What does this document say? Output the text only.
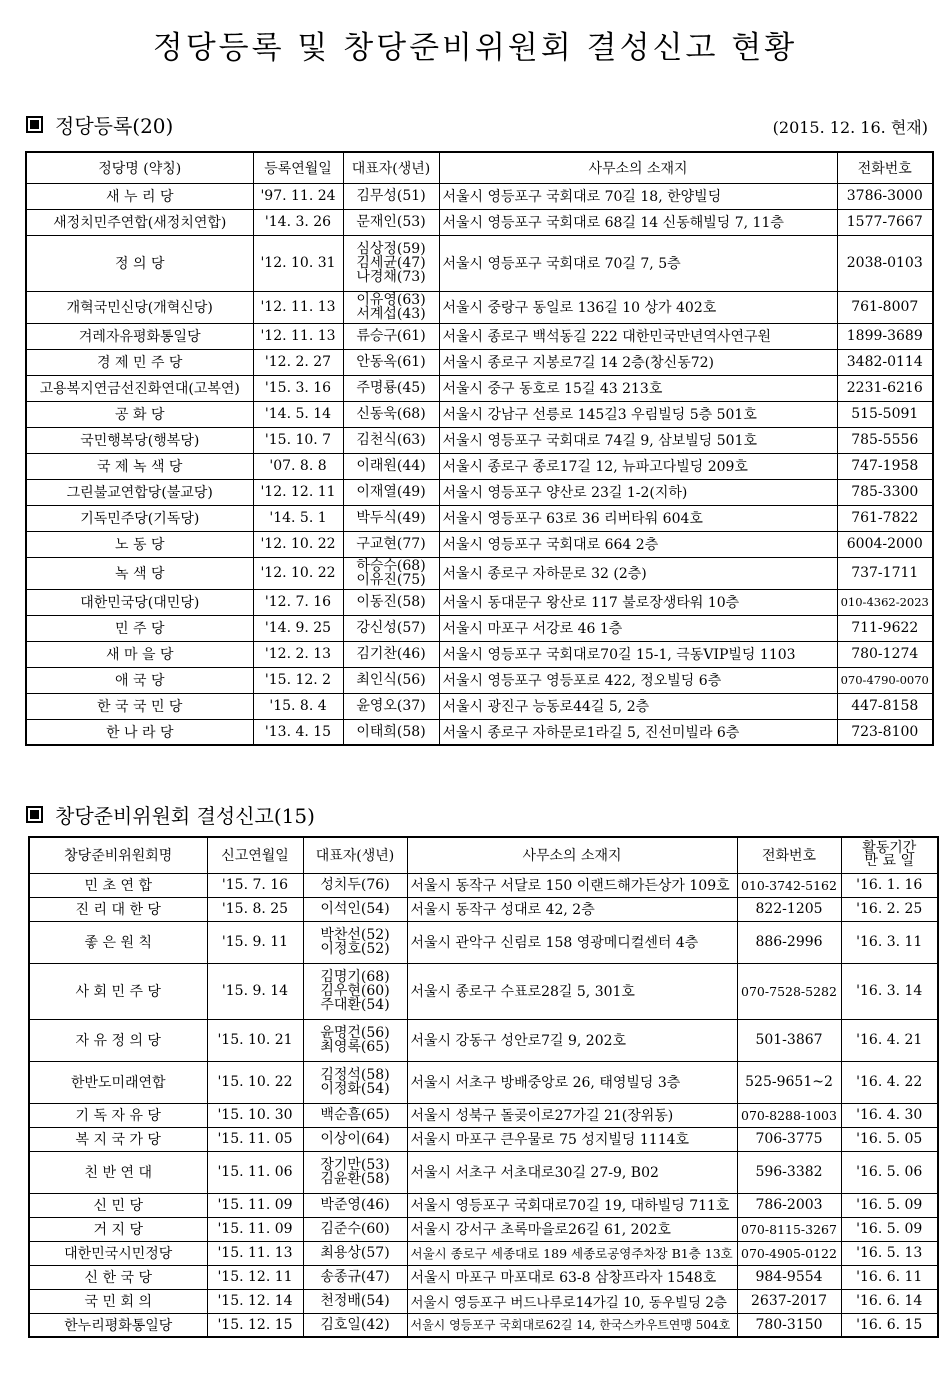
정당등록 및 창당준비위원회 결성신고 현황
정당등록(20)	(2015. 12. 16. 현재)
정당명 (약칭)	등록연월일	대표자(생년)	사무소의 소재지	전화번호
새 누 리 당	'97. 11. 24	김무성(51)	서울시 영등포구 국회대로 70길 18, 한양빌딩	3786-3000
새정치민주연합(새정치연합)	'14. 3. 26	문재인(53)	서울시 영등포구 국회대로 68길 14 신동해빌딩 7, 11층	1577-7667
정 의 당	'12. 10. 31	심상정(59)
김세균(47)
나경채(73)	서울시 영등포구 국회대로 70길 7, 5층	2038-0103
개혁국민신당(개혁신당)	'12. 11. 13	이유영(63)
서계섭(43)	서울시 중랑구 동일로 136길 10 상가 402호	761-8007
겨레자유평화통일당	'12. 11. 13	류승구(61)	서울시 종로구 백석동길 222 대한민국만년역사연구원	1899-3689
경 제 민 주 당	'12. 2. 27	안동옥(61)	서울시 종로구 지봉로7길 14 2층(창신동72)	3482-0114
고용복지연금선진화연대(고복연)	'15. 3. 16	주명룡(45)	서울시 중구 동호로 15길 43 213호	2231-6216
공 화 당	'14. 5. 14	신동욱(68)	서울시 강남구 선릉로 145길3 우림빌딩 5층 501호	515-5091
국민행복당(행복당)	'15. 10. 7	김천식(63)	서울시 영등포구 국회대로 74길 9, 삼보빌딩 501호	785-5556
국 제 녹 색 당	'07. 8. 8	이래원(44)	서울시 종로구 종로17길 12, 뉴파고다빌딩 209호	747-1958
그린불교연합당(불교당)	'12. 12. 11	이재열(49)	서울시 영등포구 양산로 23길 1-2(지하)	785-3300
기독민주당(기독당)	'14. 5. 1	박두식(49)	서울시 영등포구 63로 36 리버타워 604호	761-7822
노 동 당	'12. 10. 22	구교현(77)	서울시 영등포구 국회대로 664 2층	6004-2000
녹 색 당	'12. 10. 22	하승수(68)
이유진(75)	서울시 종로구 자하문로 32 (2층)	737-1711
대한민국당(대민당)	'12. 7. 16	이동진(58)	서울시 동대문구 왕산로 117 불로장생타워 10층	010-4362-2023
민 주 당	'14. 9. 25	강신성(57)	서울시 마포구 서강로 46 1층	711-9622
새 마 을 당	'12. 2. 13	김기찬(46)	서울시 영등포구 국회대로70길 15-1, 극동VIP빌딩 1103	780-1274
애 국 당	'15. 12. 2	최인식(56)	서울시 영등포구 영등포로 422, 정오빌딩 6층	070-4790-0070
한 국 국 민 당	'15. 8. 4	윤영오(37)	서울시 광진구 능동로44길 5, 2층	447-8158
한 나 라 당	'13. 4. 15	이태희(58)	서울시 종로구 자하문로1라길 5, 진선미빌라 6층	723-8100
창당준비위원회 결성신고(15)
창당준비위원회명	신고연월일	대표자(생년)	사무소의 소재지	전화번호	활동기간
만 료 일
민 초 연 합	'15. 7. 16	성치두(76)	서울시 동작구 서달로 150 이랜드해가든상가 109호	010-3742-5162	'16. 1. 16
진 리 대 한 당	'15. 8. 25	이석인(54)	서울시 동작구 성대로 42, 2층	822-1205	'16. 2. 25
좋 은 원 칙	'15. 9. 11	박찬선(52)
이정호(52)	서울시 관악구 신림로 158 영광메디컬센터 4층	886-2996	'16. 3. 11
사 회 민 주 당	'15. 9. 14	김명기(68)
김우현(60)
주대환(54)	서울시 종로구 수표로28길 5, 301호	070-7528-5282	'16. 3. 14
자 유 정 의 당	'15. 10. 21	윤명건(56)
최영록(65)	서울시 강동구 성안로7길 9, 202호	501-3867	'16. 4. 21
한반도미래연합	'15. 10. 22	김정석(58)
이정화(54)	서울시 서초구 방배중앙로 26, 태영빌딩 3층	525-9651~2	'16. 4. 22
기 독 자 유 당	'15. 10. 30	백순흠(65)	서울시 성북구 돌곶이로27가길 21(장위동)	070-8288-1003	'16. 4. 30
복 지 국 가 당	'15. 11. 05	이상이(64)	서울시 마포구 큰우물로 75 성지빌딩 1114호	706-3775	'16. 5. 05
친 반 연 대	'15. 11. 06	장기만(53)
김윤환(58)	서울시 서초구 서초대로30길 27-9, B02	596-3382	'16. 5. 06
신 민 당	'15. 11. 09	박준영(46)	서울시 영등포구 국회대로70길 19, 대하빌딩 711호	786-2003	'16. 5. 09
거 지 당	'15. 11. 09	김준수(60)	서울시 강서구 초록마을로26길 61, 202호	070-8115-3267	'16. 5. 09
대한민국시민정당	'15. 11. 13	최용상(57)	서울시 종로구 세종대로 189 세종로공영주차장 B1층 13호	070-4905-0122	'16. 5. 13
신 한 국 당	'15. 12. 11	송종규(47)	서울시 마포구 마포대로 63-8 삼창프라자 1548호	984-9554	'16. 6. 11
국 민 회 의	'15. 12. 14	천정배(54)	서울시 영등포구 버드나루로14가길 10, 동우빌딩 2층	2637-2017	'16. 6. 14
한누리평화통일당	'15. 12. 15	김호일(42)	서울시 영등포구 국회대로62길 14, 한국스카우트연맹 504호	780-3150	'16. 6. 15
